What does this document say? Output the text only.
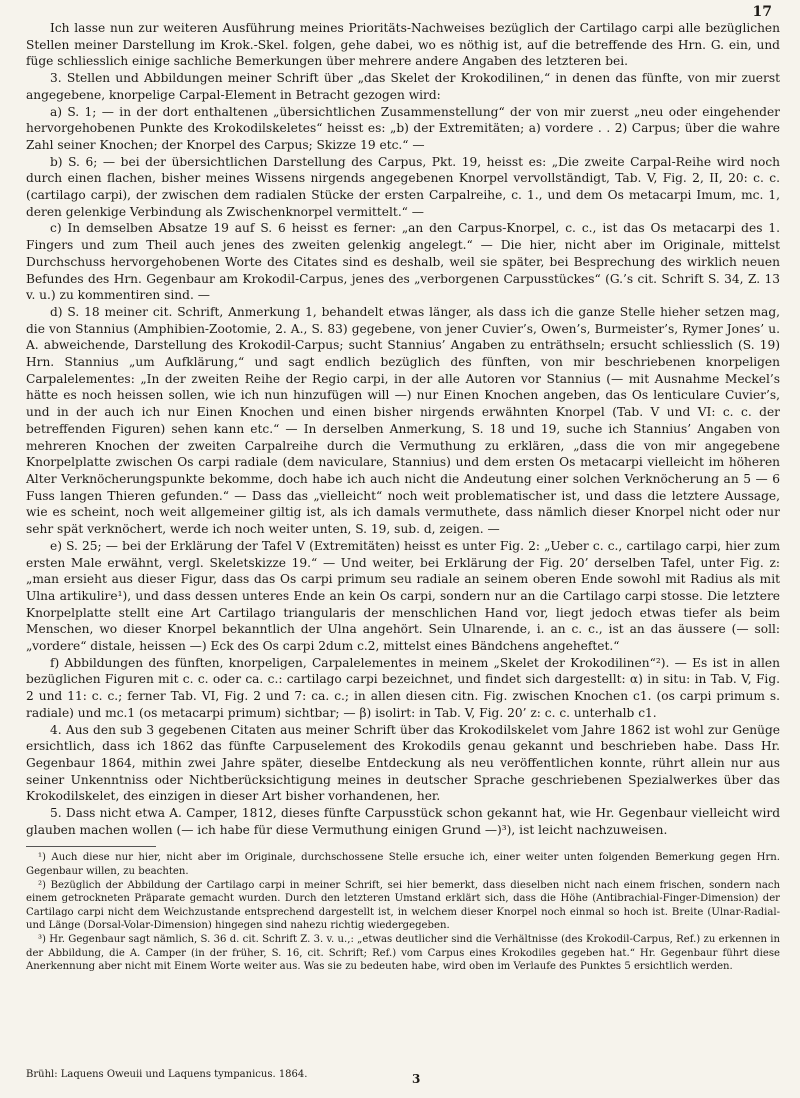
17

Ich lasse nun zur weiteren Ausführung meines Prioritäts-Nachweises bezüglich der Cartilago carpi alle bezüglichen Stellen meiner Darstellung im Krok.-Skel. folgen, gehe dabei, wo es nöthig ist, auf die betreffende des Hrn. G. ein, und füge schliesslich einige sachliche Bemerkungen über mehrere andere Angaben des letzteren bei.

3. Stellen und Abbildungen meiner Schrift über „das Skelet der Krokodilinen,“ in denen das fünfte, von mir zuerst angegebene, knorpelige Carpal-Element in Betracht gezogen wird:

a) S. 1; — in der dort enthaltenen „übersichtlichen Zusammenstellung“ der von mir zuerst „neu oder eingehender hervorgehobenen Punkte des Krokodilskeletes“ heisst es: „b) der Extremitäten; a) vordere . . 2) Carpus; über die wahre Zahl seiner Knochen; der Knorpel des Carpus; Skizze 19 etc.“ —

b) S. 6; — bei der übersichtlichen Darstellung des Carpus, Pkt. 19, heisst es: „Die zweite Carpal-Reihe wird noch durch einen flachen, bisher meines Wissens nirgends angegebenen Knorpel vervollständigt, Tab. V, Fig. 2, II, 20: c. c. (cartilago carpi), der zwischen dem radialen Stücke der ersten Carpalreihe, c. 1., und dem Os metacarpi Imum, mc. 1, deren gelenkige Verbindung als Zwischenknorpel vermittelt.“ —

c) In demselben Absatze 19 auf S. 6 heisst es ferner: „an den Carpus-Knorpel, c. c., ist das Os metacarpi des 1. Fingers und zum Theil auch jenes des zweiten gelenkig angelegt.“ — Die hier, nicht aber im Originale, mittelst Durchschuss hervorgehobenen Worte des Citates sind es deshalb, weil sie später, bei Besprechung des wirklich neuen Befundes des Hrn. Gegenbaur am Krokodil-Carpus, jenes des „verborgenen Carpusstückes“ (G.’s cit. Schrift S. 34, Z. 13 v. u.) zu kommentiren sind. —

d) S. 18 meiner cit. Schrift, Anmerkung 1, behandelt etwas länger, als dass ich die ganze Stelle hieher setzen mag, die von Stannius (Amphibien-Zootomie, 2. A., S. 83) gegebene, von jener Cuvier’s, Owen’s, Burmeister’s, Rymer Jones’ u. A. abweichende, Darstellung des Krokodil-Carpus; sucht Stannius’ Angaben zu enträthseln; ersucht schliesslich (S. 19) Hrn. Stannius „um Aufklärung,“ und sagt endlich bezüglich des fünften, von mir beschriebenen knorpeligen Carpalelementes: „In der zweiten Reihe der Regio carpi, in der alle Autoren vor Stannius (— mit Ausnahme Meckel’s hätte es noch heissen sollen, wie ich nun hinzufügen will —) nur Einen Knochen angeben, das Os lenticulare Cuvier’s, und in der auch ich nur Einen Knochen und einen bisher nirgends erwähnten Knorpel (Tab. V und VI: c. c. der betreffenden Figuren) sehen kann etc.“ — In derselben Anmerkung, S. 18 und 19, suche ich Stannius’ Angaben von mehreren Knochen der zweiten Carpalreihe durch die Vermuthung zu erklären, „dass die von mir angegebene Knorpelplatte zwischen Os carpi radiale (dem naviculare, Stannius) und dem ersten Os metacarpi vielleicht im höheren Alter Verknöcherungspunkte bekomme, doch habe ich auch nicht die Andeutung einer solchen Verknöcherung an 5 — 6 Fuss langen Thieren gefunden.“ — Dass das „vielleicht“ noch weit problematischer ist, und dass die letztere Aussage, wie es scheint, noch weit allgemeiner giltig ist, als ich damals vermuthete, dass nämlich dieser Knorpel nicht oder nur sehr spät verknöchert, werde ich noch weiter unten, S. 19, sub. d, zeigen. —

e) S. 25; — bei der Erklärung der Tafel V (Extremitäten) heisst es unter Fig. 2: „Ueber c. c., cartilago carpi, hier zum ersten Male erwähnt, vergl. Skeletskizze 19.“ — Und weiter, bei Erklärung der Fig. 20’ derselben Tafel, unter Fig. z: „man ersieht aus dieser Figur, dass das Os carpi primum seu radiale an seinem oberen Ende sowohl mit Radius als mit Ulna artikulire¹), und dass dessen unteres Ende an kein Os carpi, sondern nur an die Cartilago carpi stosse. Die letztere Knorpelplatte stellt eine Art Cartilago triangularis der menschlichen Hand vor, liegt jedoch etwas tiefer als beim Menschen, wo dieser Knorpel bekanntlich der Ulna angehört. Sein Ulnarende, i. an c. c., ist an das äussere (— soll: „vordere“ distale, heissen —) Eck des Os carpi 2dum c.2, mittelst eines Bändchens angeheftet.“

f) Abbildungen des fünften, knorpeligen, Carpalelementes in meinem „Skelet der Krokodilinen“²). — Es ist in allen bezüglichen Figuren mit c. c. oder ca. c.: cartilago carpi bezeichnet, und findet sich dargestellt: α) in situ: in Tab. V, Fig. 2 und 11: c. c.; ferner Tab. VI, Fig. 2 und 7: ca. c.; in allen diesen citn. Fig. zwischen Knochen c1. (os carpi primum s. radiale) und mc.1 (os metacarpi primum) sichtbar; — β) isolirt: in Tab. V, Fig. 20’ z: c. c. unterhalb c1.

4. Aus den sub 3 gegebenen Citaten aus meiner Schrift über das Krokodilskelet vom Jahre 1862 ist wohl zur Genüge ersichtlich, dass ich 1862 das fünfte Carpuselement des Krokodils genau gekannt und beschrieben habe. Dass Hr. Gegenbaur 1864, mithin zwei Jahre später, dieselbe Entdeckung als neu veröffentlichen konnte, rührt allein nur aus seiner Unkenntniss oder Nichtberücksichtigung meines in deutscher Sprache geschriebenen Spezialwerkes über das Krokodilskelet, des einzigen in dieser Art bisher vorhandenen, her.

5. Dass nicht etwa A. Camper, 1812, dieses fünfte Carpusstück schon gekannt hat, wie Hr. Gegenbaur vielleicht wird glauben machen wollen (— ich habe für diese Vermuthung einigen Grund —)³), ist leicht nachzuweisen.

¹) Auch diese nur hier, nicht aber im Originale, durchschossene Stelle ersuche ich, einer weiter unten folgenden Bemerkung gegen Hrn. Gegenbaur willen, zu beachten.

²) Bezüglich der Abbildung der Cartilago carpi in meiner Schrift, sei hier bemerkt, dass dieselben nicht nach einem frischen, sondern nach einem getrockneten Präparate gemacht wurden. Durch den letzteren Umstand erklärt sich, dass die Höhe (Antibrachial-Finger-Dimension) der Cartilago carpi nicht dem Weichzustande entsprechend dargestellt ist, in welchem dieser Knorpel noch einmal so hoch ist. Breite (Ulnar-Radial- und Länge (Dorsal-Volar-Dimension) hingegen sind nahezu richtig wiedergegeben.

³) Hr. Gegenbaur sagt nämlich, S. 36 d. cit. Schrift Z. 3. v. u.,: „etwas deutlicher sind die Verhältnisse (des Krokodil-Carpus, Ref.) zu erkennen in der Abbildung, die A. Camper (in der früher, S. 16, cit. Schrift; Ref.) vom Carpus eines Krokodiles gegeben hat.“ Hr. Gegenbaur führt diese Anerkennung aber nicht mit Einem Worte weiter aus. Was sie zu bedeuten habe, wird oben im Verlaufe des Punktes 5 ersichtlich werden.

Brühl: Laquens Oweuii und Laquens tympanicus. 1864.	3
